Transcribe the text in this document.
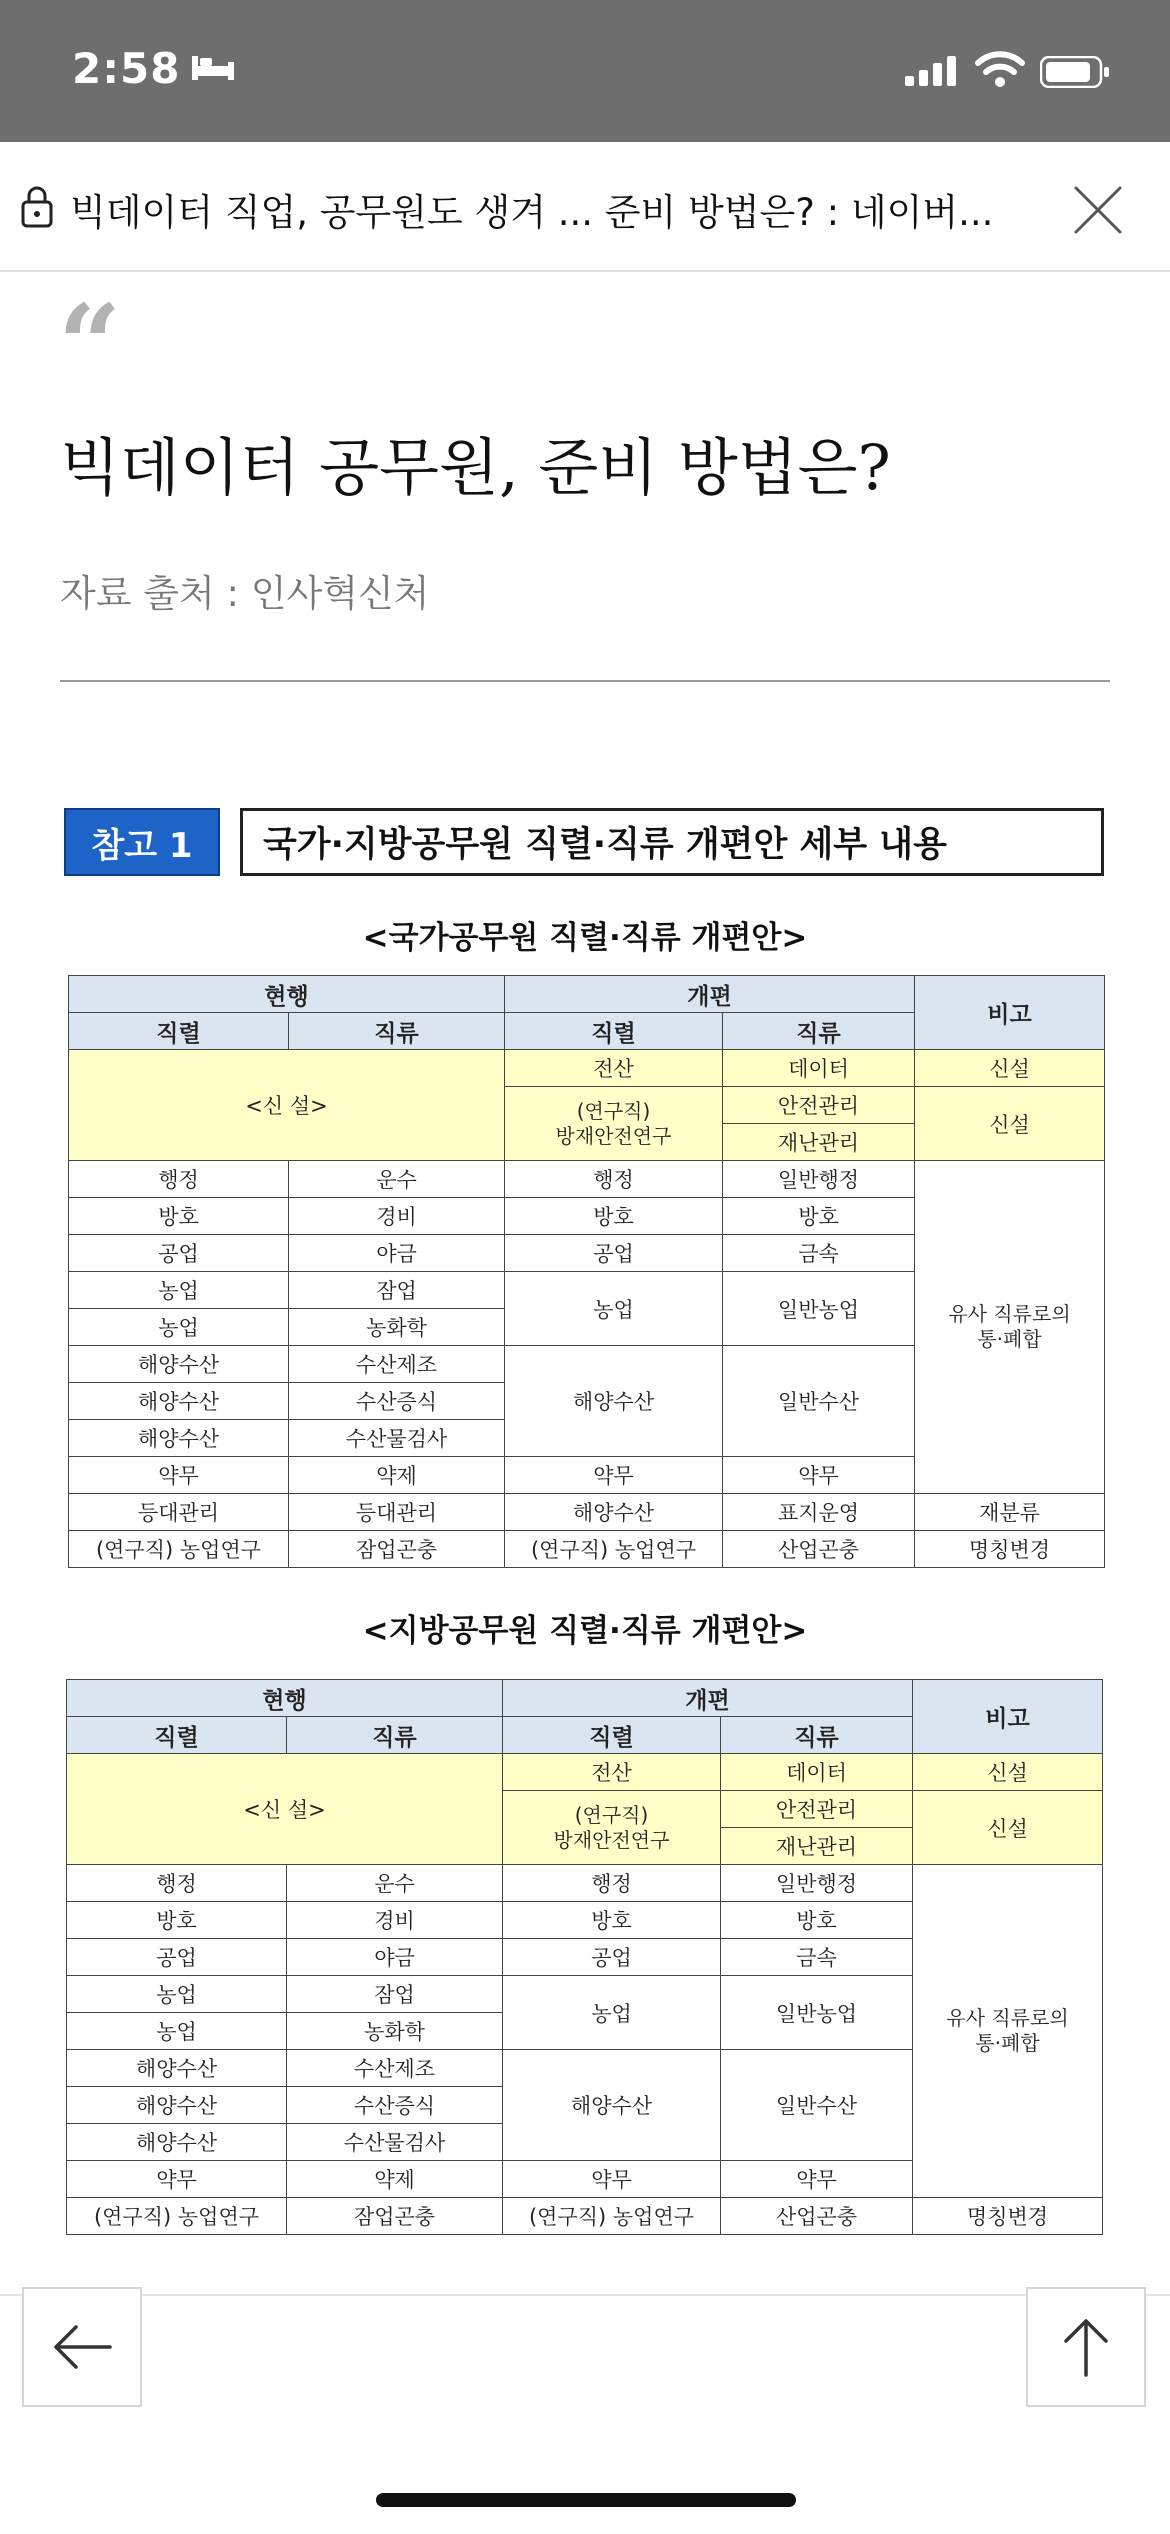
2:58
빅데이터 직업, 공무원도 생겨 ... 준비 방법은? : 네이버...
“
빅데이터 공무원, 준비 방법은?
자료 출처 : 인사혁신처
참고 1	국가·지방공무원 직렬·직류 개편안 세부 내용
<국가공무원 직렬·직류 개편안>
현행		개편		비고
직렬	직류	직렬	직류	
<신 설>		전산	데이터	신설
		(연구직)
방재안전연구	안전관리	신설
			재난관리	
행정	운수	행정	일반행정	유사 직류로의
통·폐합
방호	경비	방호	방호	
공업	야금	공업	금속	
농업	잠업	농업	일반농업	
농업	농화학			
해양수산	수산제조	해양수산	일반수산	
해양수산	수산증식			
해양수산	수산물검사			
약무	약제	약무	약무	
등대관리	등대관리	해양수산	표지운영	재분류
(연구직) 농업연구	잠업곤충	(연구직) 농업연구	산업곤충	명칭변경
<지방공무원 직렬·직류 개편안>
현행		개편		비고
직렬	직류	직렬	직류	
<신 설>		전산	데이터	신설
		(연구직)
방재안전연구	안전관리	신설
			재난관리	
행정	운수	행정	일반행정	유사 직류로의
통·폐합
방호	경비	방호	방호	
공업	야금	공업	금속	
농업	잠업	농업	일반농업	
농업	농화학			
해양수산	수산제조	해양수산	일반수산	
해양수산	수산증식			
해양수산	수산물검사			
약무	약제	약무	약무	
(연구직) 농업연구	잠업곤충	(연구직) 농업연구	산업곤충	명칭변경
